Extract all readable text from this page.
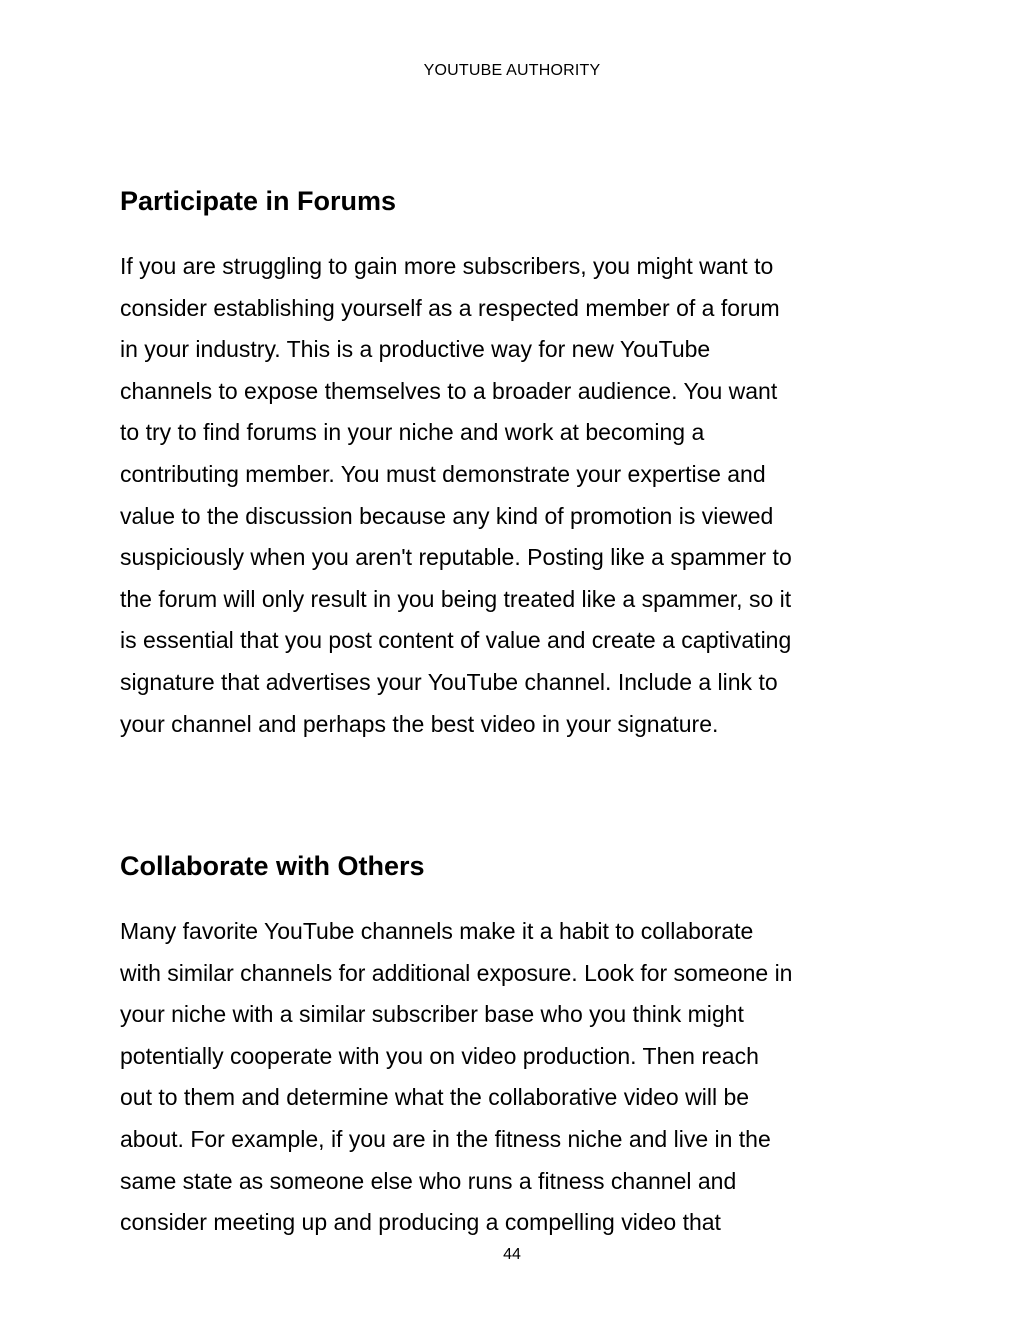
YOUTUBE AUTHORITY
Participate in Forums

If you are struggling to gain more subscribers, you might want to
consider establishing yourself as a respected member of a forum
in your industry. This is a productive way for new YouTube
channels to expose themselves to a broader audience. You want
to try to find forums in your niche and work at becoming a
contributing member. You must demonstrate your expertise and
value to the discussion because any kind of promotion is viewed
suspiciously when you aren't reputable. Posting like a spammer to
the forum will only result in you being treated like a spammer, so it
is essential that you post content of value and create a captivating
signature that advertises your YouTube channel. Include a link to
your channel and perhaps the best video in your signature.

Collaborate with Others

Many favorite YouTube channels make it a habit to collaborate
with similar channels for additional exposure. Look for someone in
your niche with a similar subscriber base who you think might
potentially cooperate with you on video production. Then reach
out to them and determine what the collaborative video will be
about. For example, if you are in the fitness niche and live in the
same state as someone else who runs a fitness channel and
consider meeting up and producing a compelling video that

44
